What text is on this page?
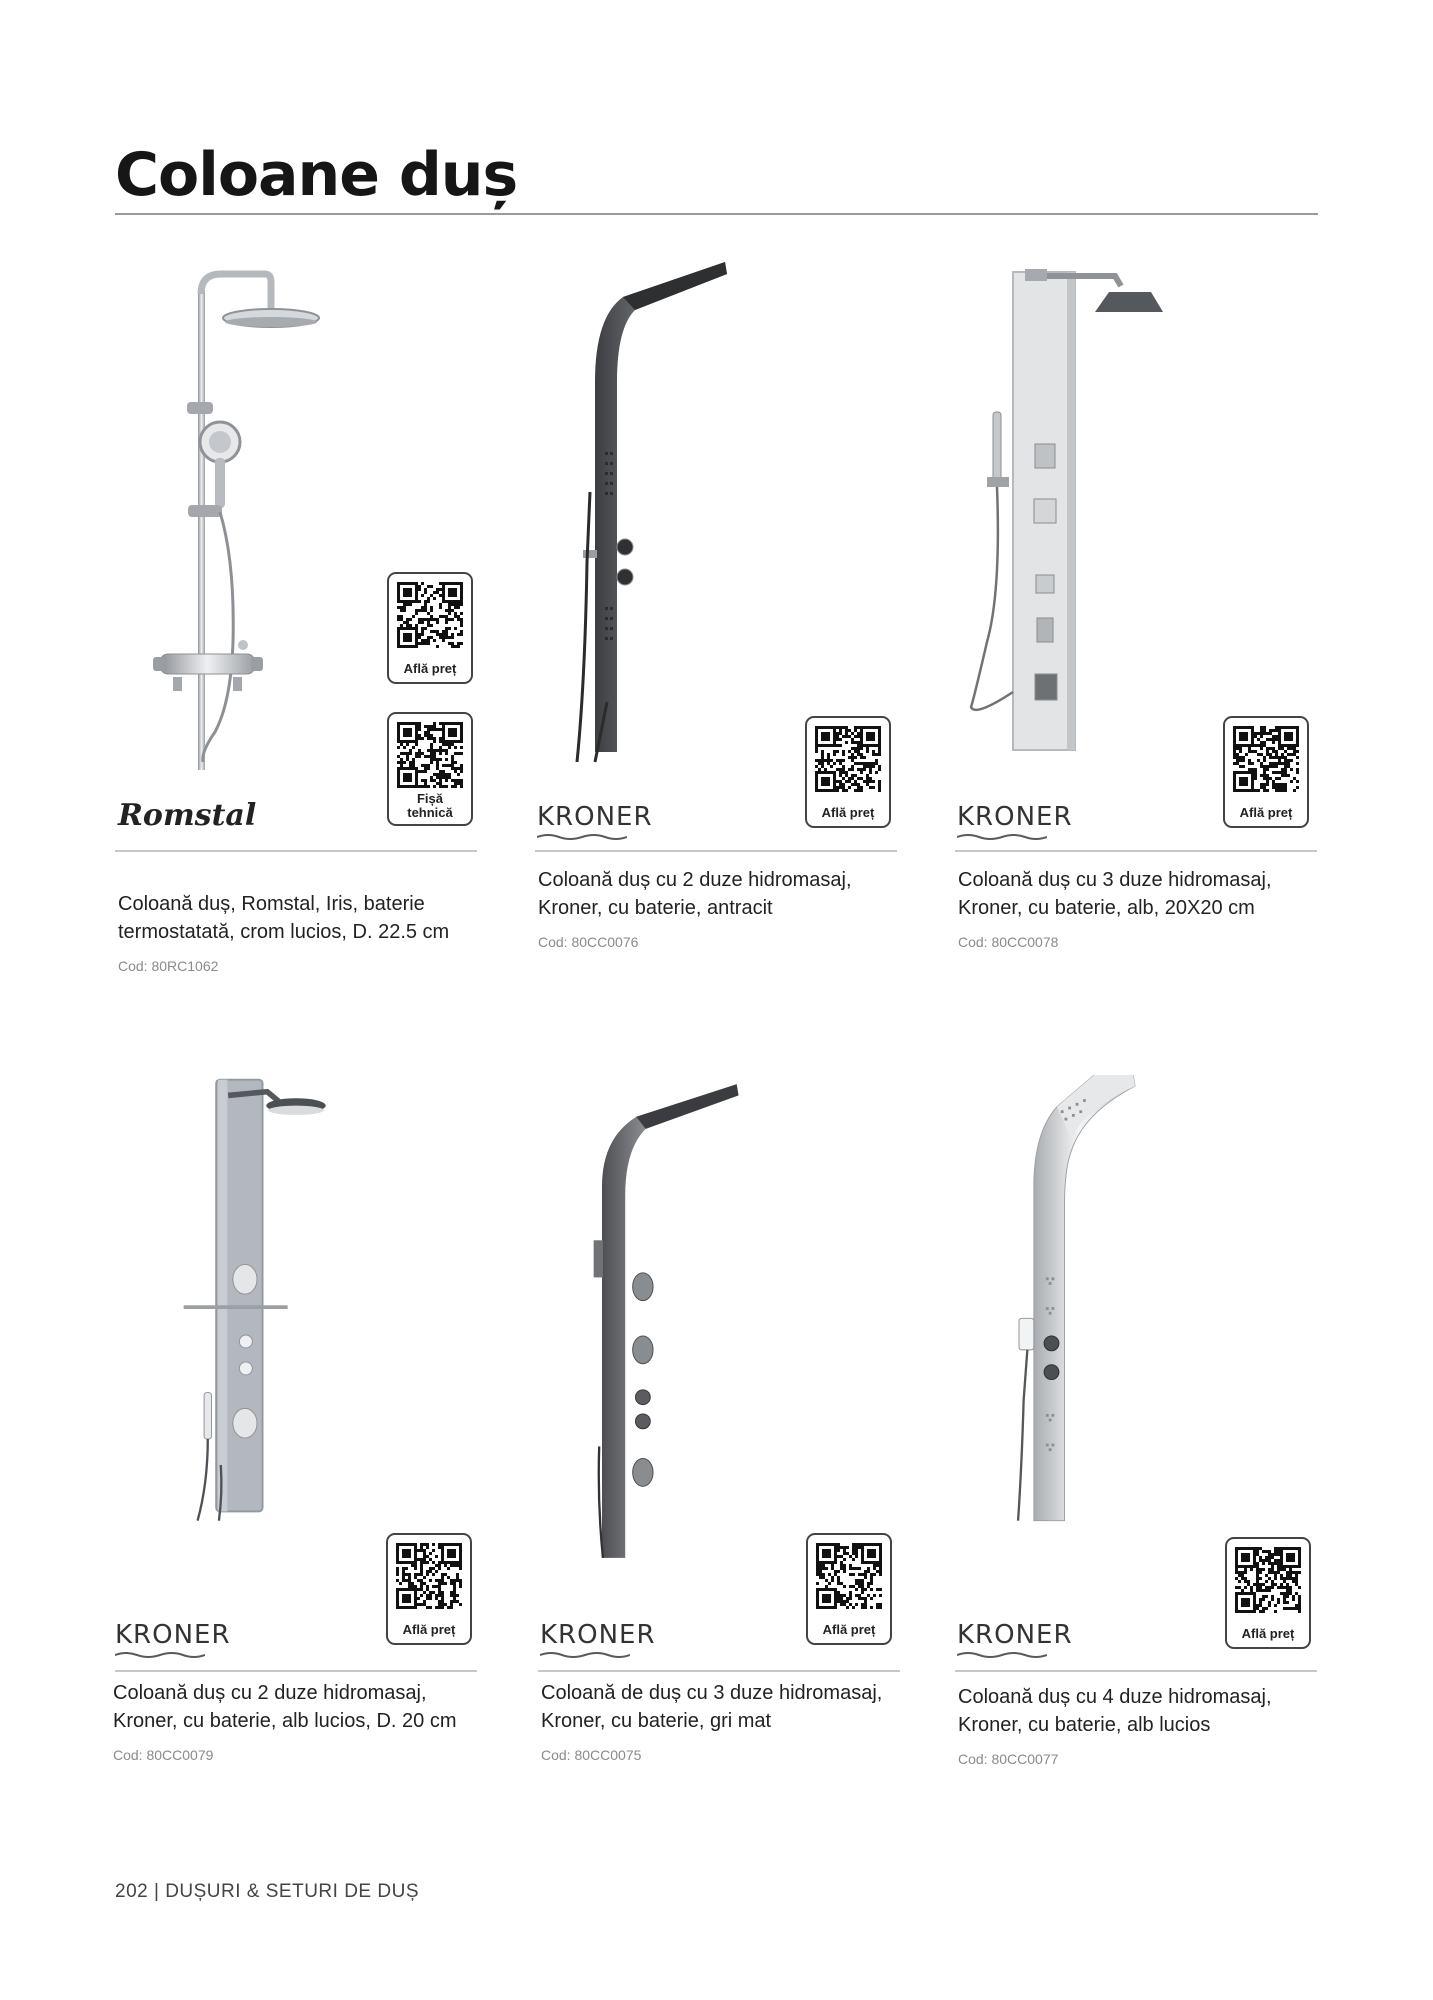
Coloane duș
Află preț
Fișă tehnică
Romstal

Coloană duș, Romstal, Iris, baterie termostatată, crom lucios, D. 22.5 cm

Cod: 80RC1062
Află preț
KRONER

Coloană duș cu 2 duze hidromasaj, Kroner, cu baterie, antracit

Cod: 80CC0076
Află preț
KRONER

Coloană duș cu 3 duze hidromasaj, Kroner, cu baterie, alb, 20X20 cm

Cod: 80CC0078
Află preț
KRONER

Coloană duș cu 2 duze hidromasaj, Kroner, cu baterie, alb lucios, D. 20 cm

Cod: 80CC0079
Află preț
KRONER

Coloană de duș cu 3 duze hidromasaj, Kroner, cu baterie, gri mat

Cod: 80CC0075
Află preț
KRONER

Coloană duș cu 4 duze hidromasaj, Kroner, cu baterie, alb lucios

Cod: 80CC0077
202 | DUȘURI & SETURI DE DUȘ
